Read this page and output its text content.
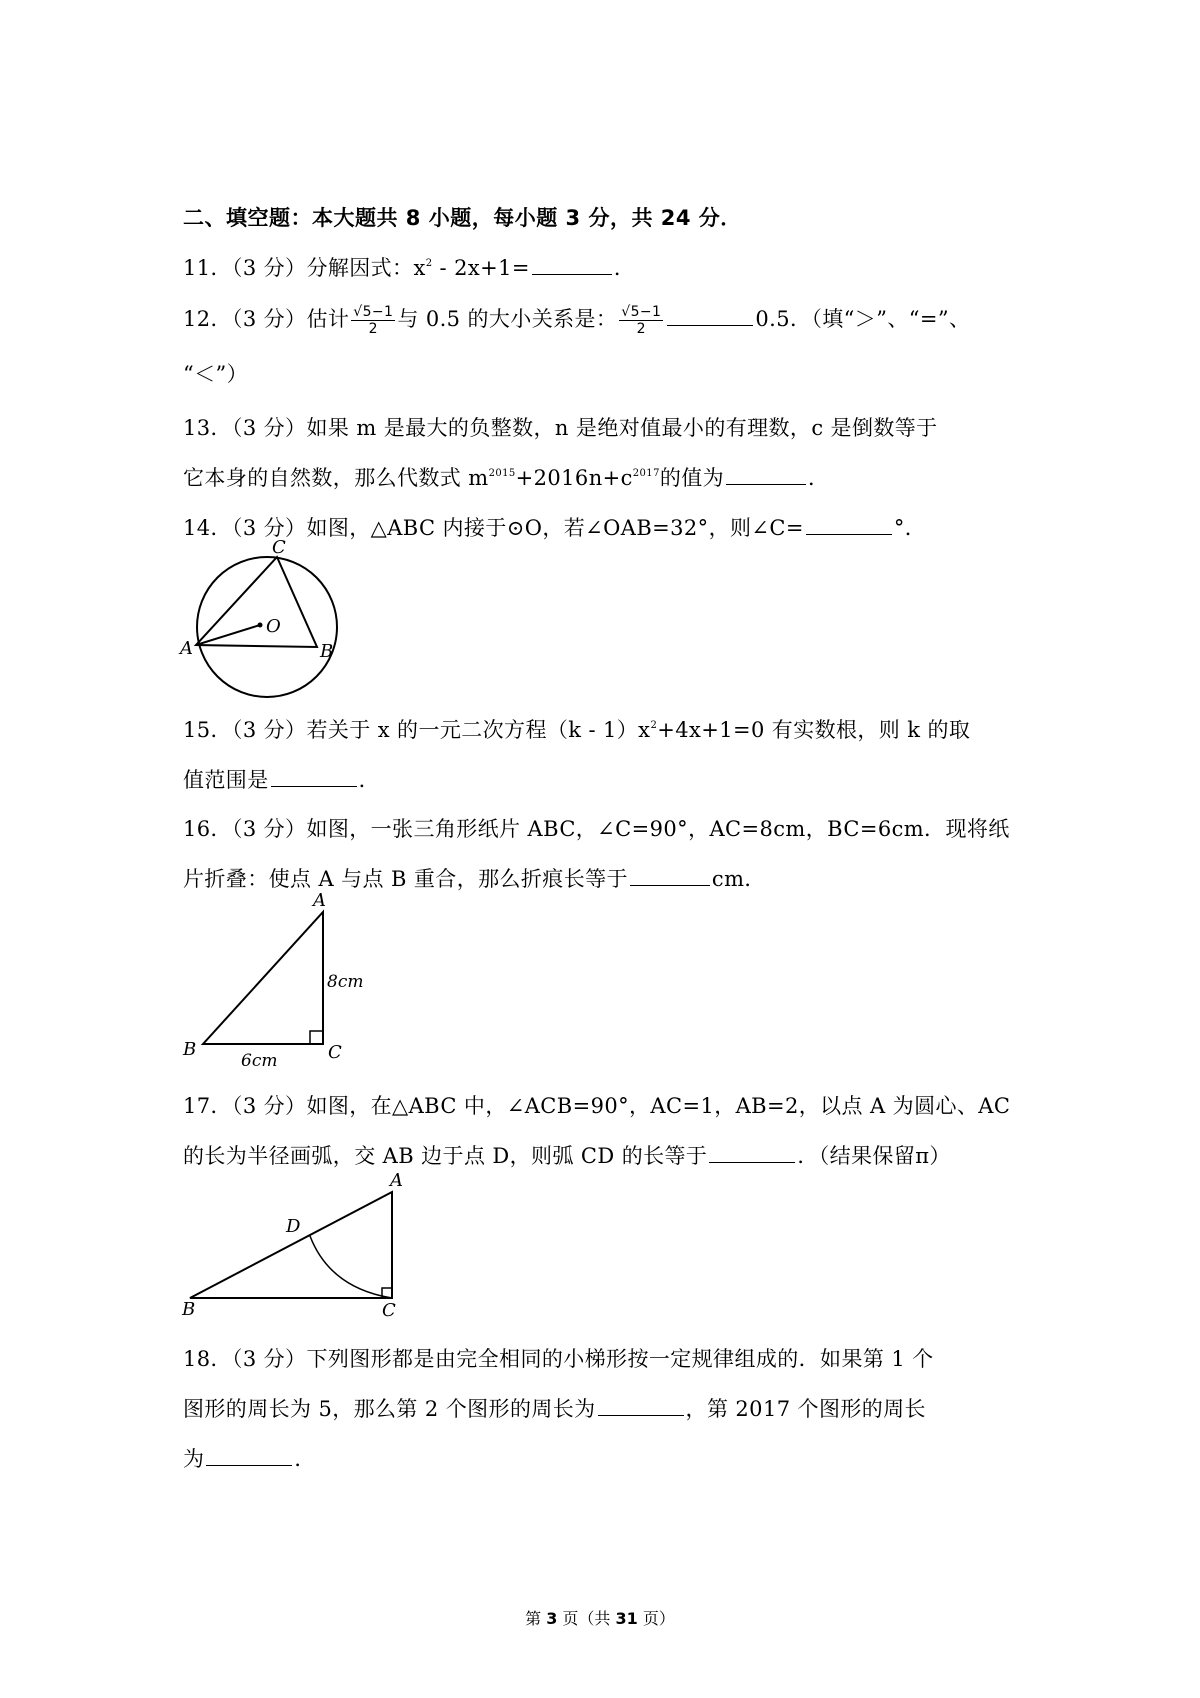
二、填空题：本大题共 8 小题，每小题 3 分，共 24 分．
11．（3 分）分解因式：$x^2 - 2x+1=$	．
12．（3 分）估计 $\frac{√5-1}{2}$ 与 0.5 的大小关系是： $\frac{√5-1}{2}$	0.5．（填“＞”、“=”、
“＜”）
13．（3 分）如果 m 是最大的负整数，n 是绝对值最小的有理数，c 是倒数等于
它本身的自然数，那么代数式 $m^{2015}+2016n+c^{2017}$的值为	．
14．（3 分）如图，△ABC 内接于⊙O，若∠OAB=32°，则∠C=	°．
C
O
A	B
15．（3 分）若关于 x 的一元二次方程$(k - 1)x^2+4x+1=0$ 有实数根，则 k 的取
值范围是	．
16．（3 分）如图，一张三角形纸片 ABC，∠C=90°，AC=8cm，BC=6cm．现将纸
片折叠：使点 A 与点 B 重合，那么折痕长等于	cm．
A
B	C
8cm
6cm
17．（3 分）如图，在△ABC 中，∠ACB=90°，AC=1，AB=2，以点 A 为圆心、AC
的长为半径画弧，交 AB 边于点 D，则弧 CD 的长等于	．（结果保留π）
A
D
B	C
18．（3 分）下列图形都是由完全相同的小梯形按一定规律组成的．如果第 1 个
图形的周长为 5，那么第 2 个图形的周长为	，第 2017 个图形的周长
为	．
第 3 页（共 31 页）
